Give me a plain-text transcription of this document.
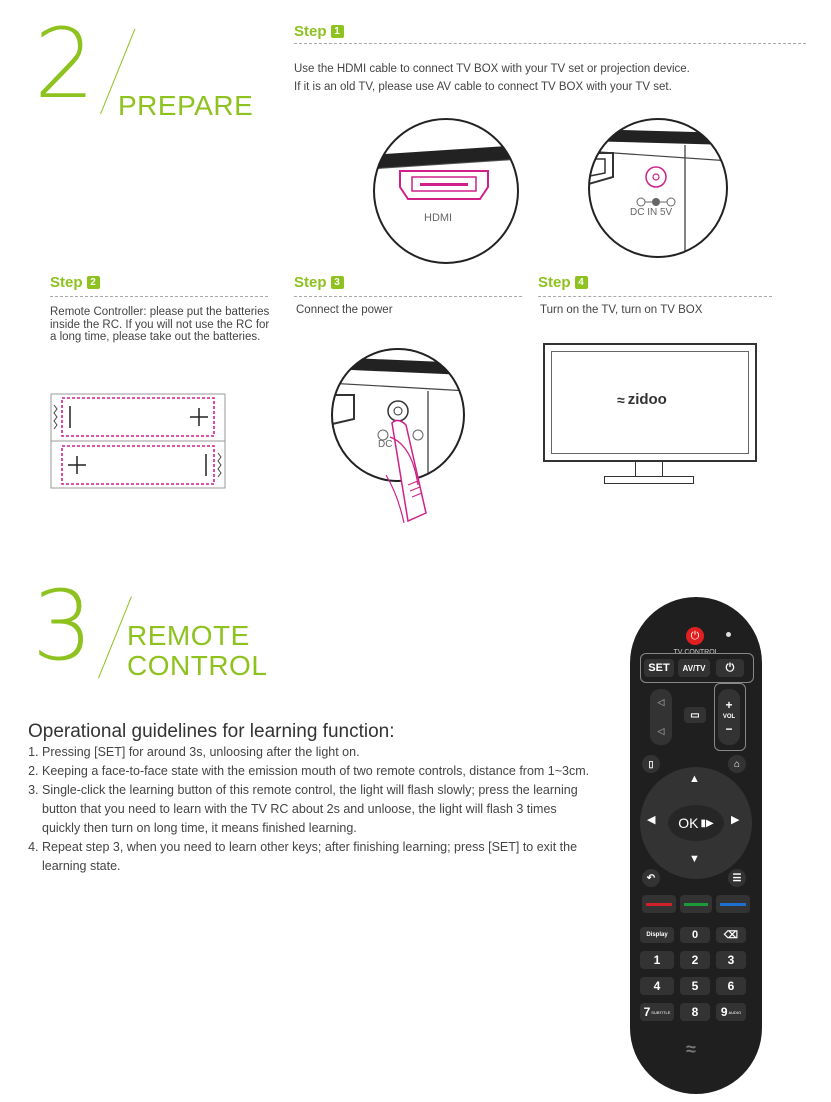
2 PREPARE
Step 1
Use the HDMI cable to connect TV BOX with your TV set or projection device.
If it is an old TV, please use AV cable to connect TV BOX with your TV set.
HDMI	DC IN 5V
Step 2
Remote Controller: please put the batteries inside the RC. If you will not use the RC for a long time, please take out the batteries.
Step 3
Connect the power
DC
Step 4
Turn on the TV, turn on TV BOX
≈ zidoo
3 REMOTE
CONTROL
Operational guidelines for learning function:
1. Pressing [SET] for around 3s, unloosing after the light on.
2. Keeping a face-to-face state with the emission mouth of two remote controls, distance from 1~3cm.
3. Single-click the learning button of this remote control, the light will flash slowly; press the learning button that you need to learn with the TV RC about 2s and unloose, the light will flash 3 times quickly then turn on long time, it means finished learning.
4. Repeat step 3, when you need to learn other keys; after finishing learning; press [SET] to exit the learning state.
⏻
TV CONTROL
SET	AV/TV	⏻
◁
◁
▭
+
VOL
−
▯	⌂
▲
▼
◀	▶
OK ▮▶
↶	☰
Display	0	⌫
1	2	3
4	5	6
7 SUBTITLE	8	9 AUDIO
≈
